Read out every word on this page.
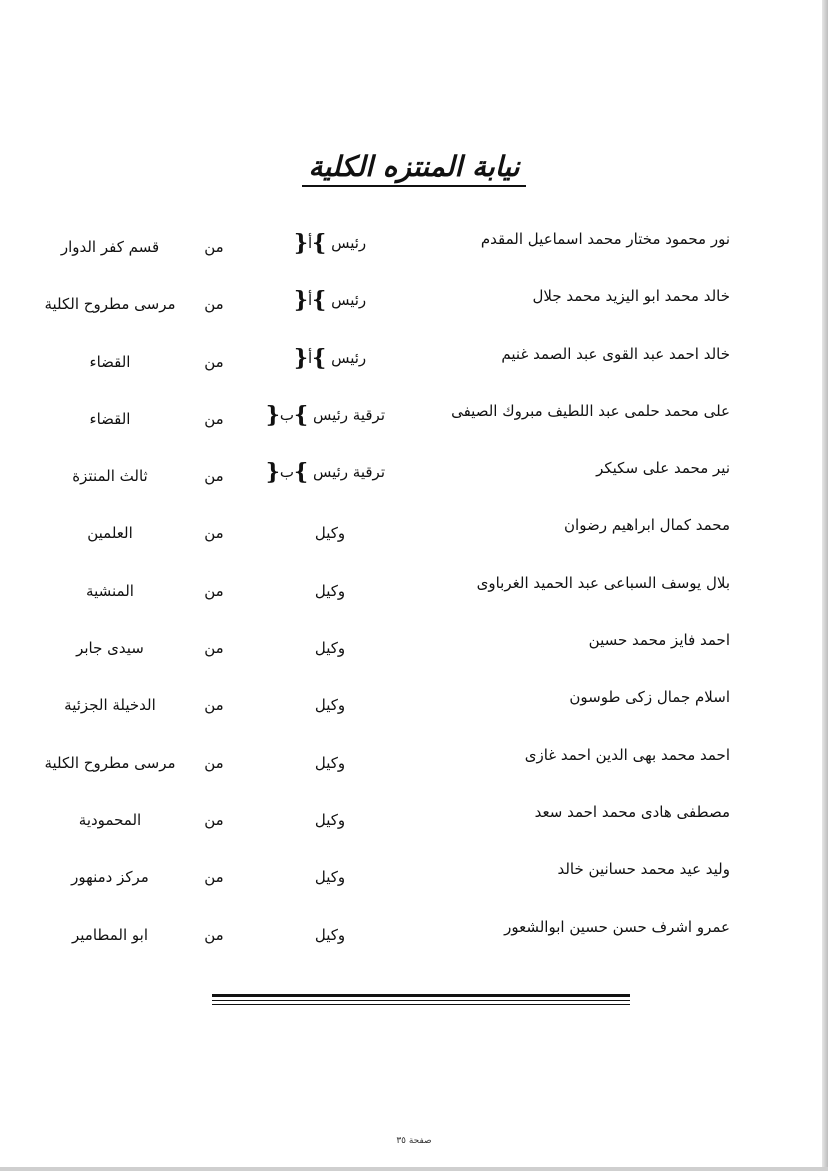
نيابة المنتزه الكلية
نور محمود مختار محمد اسماعيل المقدم
رئيس }أ{
من
قسم كفر الدوار
خالد محمد ابو اليزيد محمد جلال
رئيس }أ{
من
مرسى مطروح الكلية
خالد احمد عبد القوى عبد الصمد غنيم
رئيس }أ{
من
القضاء
على محمد حلمى عبد اللطيف مبروك الصيفى
ترقية رئيس }ب{
من
القضاء
نير محمد على سكيكر
ترقية رئيس }ب{
من
ثالث المنتزة
محمد كمال ابراهيم رضوان
وكيل
من
العلمين
بلال يوسف السباعى عبد الحميد الغرباوى
وكيل
من
المنشية
احمد فايز محمد حسين
وكيل
من
سيدى جابر
اسلام جمال زكى طوسون
وكيل
من
الدخيلة الجزئية
احمد محمد بهى الدين احمد غازى
وكيل
من
مرسى مطروح الكلية
مصطفى هادى محمد احمد سعد
وكيل
من
المحمودية
وليد عيد محمد حسانين خالد
وكيل
من
مركز دمنهور
عمرو اشرف حسن حسين ابوالشعور
وكيل
من
ابو المطامير
صفحة ٣٥
